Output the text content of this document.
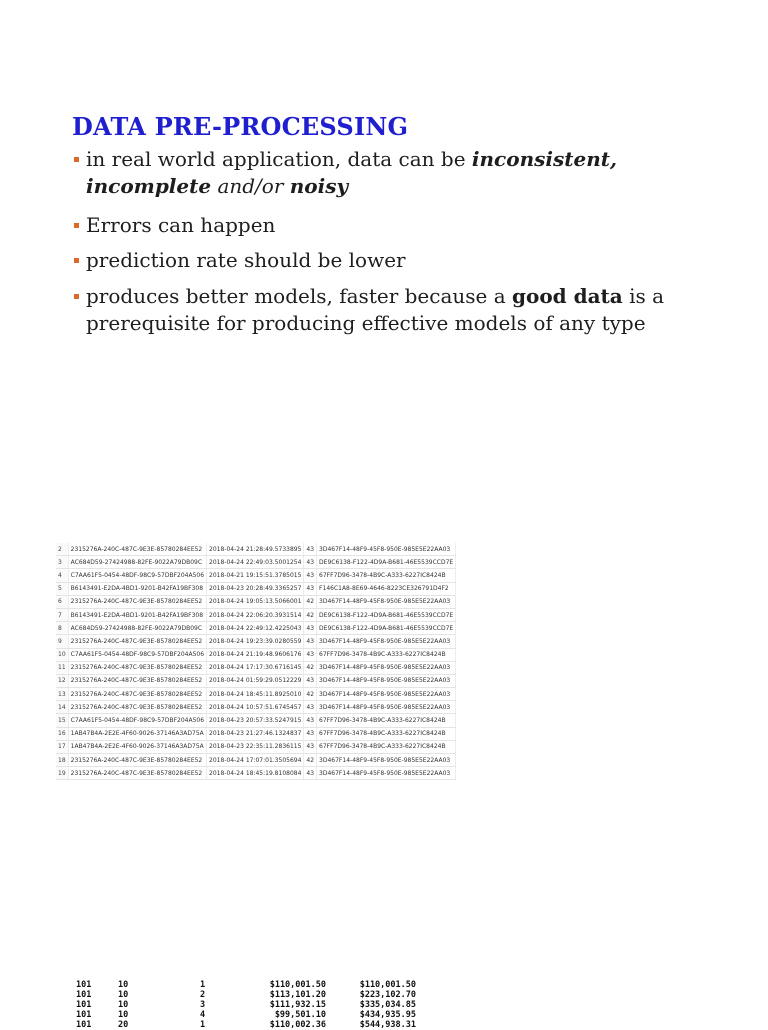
DATA PRE-PROCESSING
in real world application, data can be inconsistent,
incomplete and/or noisy
Errors can happen
prediction rate should be lower
produces better models, faster because a good data is a prerequisite for producing effective models of any type
2	2315276A-240C-487C-9E3E-85780284EE52	2018-04-24 21:28:49.5733895	43	3D467F14-48F9-45F8-950E-985E5E22AA03
3	AC684D59-27424988-82FE-9022A79DB09C	2018-04-24 22:49:03.5001254	43	DE9C6138-F122-4D9A-B681-46E5539CCD7E
4	C7AA61F5-0454-48DF-98C9-57DBF204A506	2018-04-21 19:15:51.3785015	43	67FF7D96-3478-4B9C-A333-6227IC8424B
5	B6143491-E2DA-4BD1-9201-B42FA19BF308	2018-04-23 20:28:49.3365257	43	F146C1A8-8E69-4646-8223CE326791D4F2
6	2315276A-240C-487C-9E3E-85780284EE52	2018-04-24 19:05:13.5066001	42	3D467F14-48F9-45F8-950E-985E5E22AA03
7	B6143491-E2DA-4BD1-9201-B42FA19BF308	2018-04-24 22:06:20.3931514	42	DE9C6138-F122-4D9A-B681-46E5539CCD7E
8	AC684D59-27424988-82FE-9022A79DB09C	2018-04-24 22:49:12.4225043	43	DE9C6138-F122-4D9A-B681-46E5539CCD7E
9	2315276A-240C-487C-9E3E-85780284EE52	2018-04-24 19:23:39.0280559	43	3D467F14-48F9-45F8-950E-985E5E22AA03
10	C7AA61F5-0454-48DF-98C9-57DBF204A506	2018-04-24 21:19:48.9606176	43	67FF7D96-3478-4B9C-A333-6227IC8424B
11	2315276A-240C-487C-9E3E-85780284EE52	2018-04-24 17:17:30.6716145	42	3D467F14-48F9-45F8-950E-985E5E22AA03
12	2315276A-240C-487C-9E3E-85780284EE52	2018-04-24 01:59:29.0512229	43	3D467F14-48F9-45F8-950E-985E5E22AA03
13	2315276A-240C-487C-9E3E-85780284EE52	2018-04-24 18:45:11.8925010	42	3D467F14-48F9-45F8-950E-985E5E22AA03
14	2315276A-240C-487C-9E3E-85780284EE52	2018-04-24 10:57:51.6745457	43	3D467F14-48F9-45F8-950E-985E5E22AA03
15	C7AA61F5-0454-48DF-98C9-57DBF204A506	2018-04-23 20:57:33.5247915	43	67FF7D96-3478-4B9C-A333-6227IC8424B
16	1AB47B4A-2E2E-4F60-9026-37146A3AD75A	2018-04-23 21:27:46.1324837	43	67FF7D96-3478-4B9C-A333-6227IC8424B
17	1AB47B4A-2E2E-4F60-9026-37146A3AD75A	2018-04-23 22:35:11.2836115	43	67FF7D96-3478-4B9C-A333-6227IC8424B
18	2315276A-240C-487C-9E3E-85780284EE52	2018-04-24 17:07:01.3505694	42	3D467F14-48F9-45F8-950E-985E5E22AA03
19	2315276A-240C-487C-9E3E-85780284EE52	2018-04-24 18:45:19.8108084	43	3D467F14-48F9-45F8-950E-985E5E22AA03
101	10	1	$110,001.50	$110,001.50
101	10	2	$113,101.20	$223,102.70
101	10	3	$111,932.15	$335,034.85
101	10	4	$99,501.10	$434,935.95
101	20	1	$110,002.36	$544,938.31
